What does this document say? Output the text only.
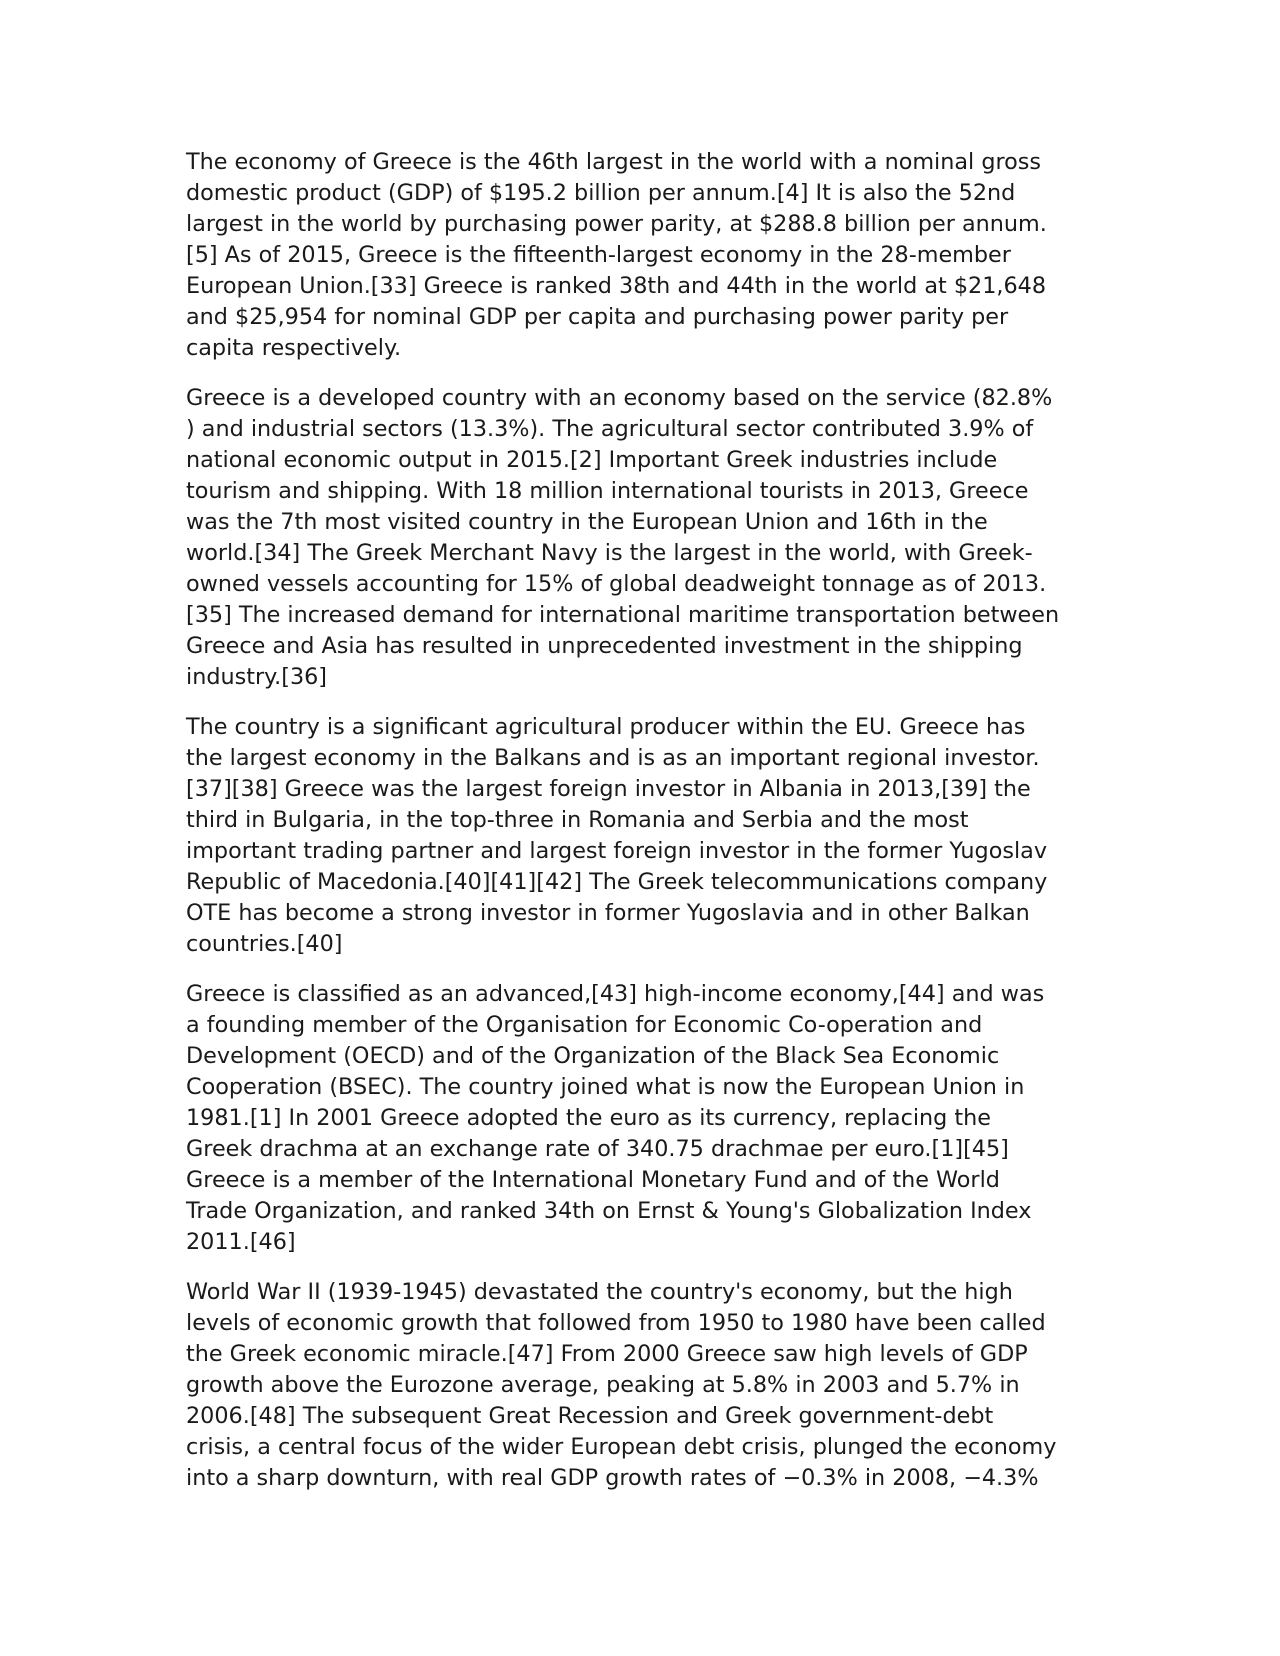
The economy of Greece is the 46th largest in the world with a nominal gross
domestic product (GDP) of $195.2 billion per annum.[4] It is also the 52nd
largest in the world by purchasing power parity, at $288.8 billion per annum.
[5] As of 2015, Greece is the fifteenth-largest economy in the 28-member
European Union.[33] Greece is ranked 38th and 44th in the world at $21,648
and $25,954 for nominal GDP per capita and purchasing power parity per
capita respectively.

Greece is a developed country with an economy based on the service (82.8%
) and industrial sectors (13.3%). The agricultural sector contributed 3.9% of
national economic output in 2015.[2] Important Greek industries include
tourism and shipping. With 18 million international tourists in 2013, Greece
was the 7th most visited country in the European Union and 16th in the
world.[34] The Greek Merchant Navy is the largest in the world, with Greek-
owned vessels accounting for 15% of global deadweight tonnage as of 2013.
[35] The increased demand for international maritime transportation between
Greece and Asia has resulted in unprecedented investment in the shipping
industry.[36]

The country is a significant agricultural producer within the EU. Greece has
the largest economy in the Balkans and is as an important regional investor.
[37][38] Greece was the largest foreign investor in Albania in 2013,[39] the
third in Bulgaria, in the top-three in Romania and Serbia and the most
important trading partner and largest foreign investor in the former Yugoslav
Republic of Macedonia.[40][41][42] The Greek telecommunications company
OTE has become a strong investor in former Yugoslavia and in other Balkan
countries.[40]

Greece is classified as an advanced,[43] high-income economy,[44] and was
a founding member of the Organisation for Economic Co-operation and
Development (OECD) and of the Organization of the Black Sea Economic
Cooperation (BSEC). The country joined what is now the European Union in
1981.[1] In 2001 Greece adopted the euro as its currency, replacing the
Greek drachma at an exchange rate of 340.75 drachmae per euro.[1][45]
Greece is a member of the International Monetary Fund and of the World
Trade Organization, and ranked 34th on Ernst & Young's Globalization Index
2011.[46]

World War II (1939-1945) devastated the country's economy, but the high
levels of economic growth that followed from 1950 to 1980 have been called
the Greek economic miracle.[47] From 2000 Greece saw high levels of GDP
growth above the Eurozone average, peaking at 5.8% in 2003 and 5.7% in
2006.[48] The subsequent Great Recession and Greek government-debt
crisis, a central focus of the wider European debt crisis, plunged the economy
into a sharp downturn, with real GDP growth rates of −0.3% in 2008, −4.3%
